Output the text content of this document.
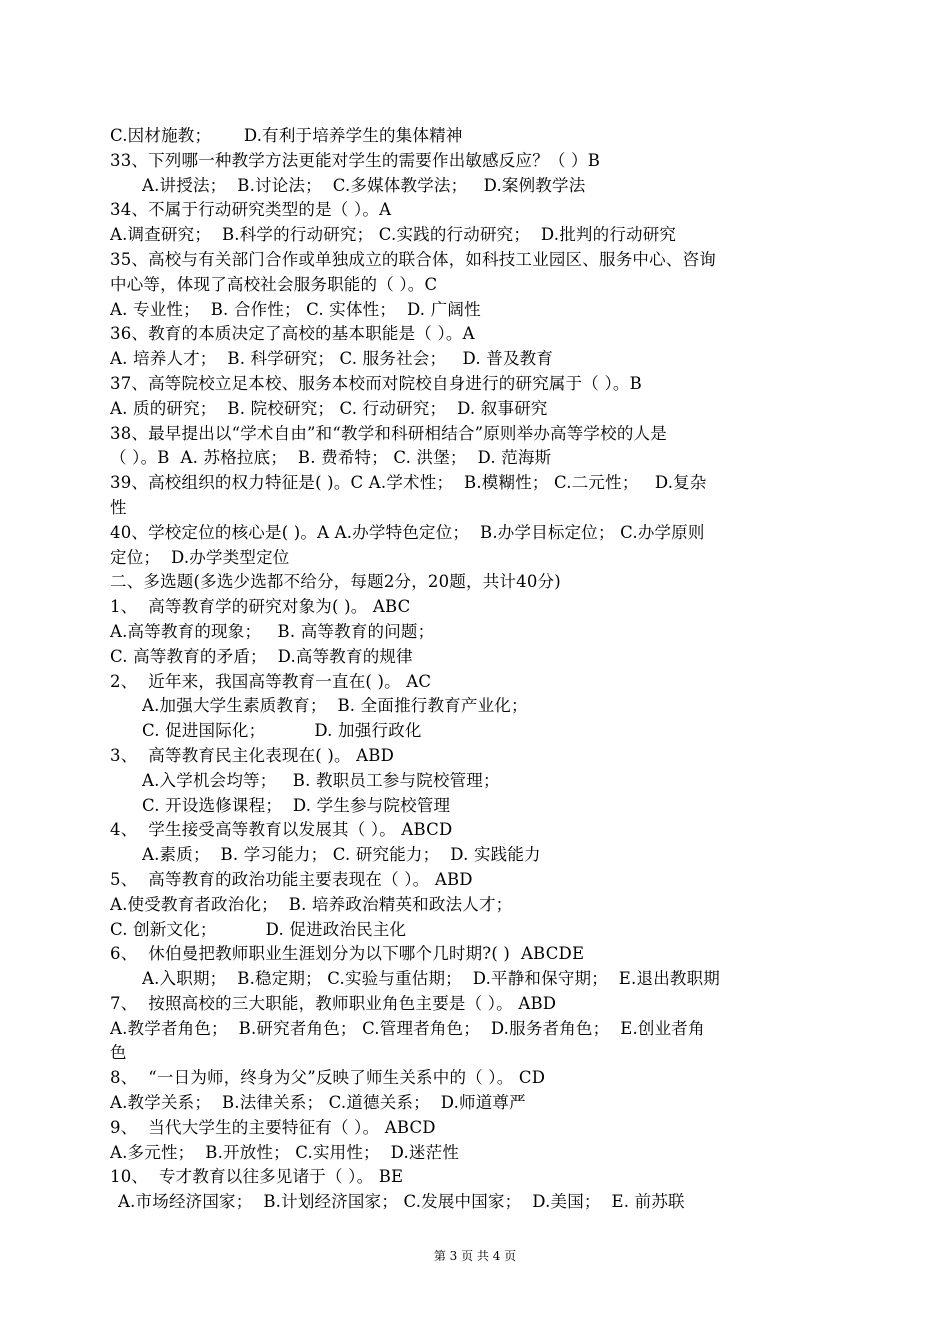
C.因材施教；      D.有利于培养学生的集体精神
33、下列哪一种教学方法更能对学生的需要作出敏感反应？（ ）B
A.讲授法；  B.讨论法；  C.多媒体教学法；   D.案例教学法
34、不属于行动研究类型的是（ ）。A
A.调查研究；  B.科学的行动研究； C.实践的行动研究；  D.批判的行动研究
35、高校与有关部门合作或单独成立的联合体，如科技工业园区、服务中心、咨询
中心等，体现了高校社会服务职能的（ ）。C
A. 专业性；  B. 合作性； C. 实体性；  D. 广阔性
36、教育的本质决定了高校的基本职能是（ ）。A
A. 培养人才；  B. 科学研究； C. 服务社会；   D. 普及教育
37、高等院校立足本校、服务本校而对院校自身进行的研究属于（ ）。B
A. 质的研究；  B. 院校研究； C. 行动研究；  D. 叙事研究
38、最早提出以“学术自由”和“教学和科研相结合”原则举办高等学校的人是
（ ）。B  A. 苏格拉底；  B. 费希特； C. 洪堡；  D. 范海斯
39、高校组织的权力特征是( )。C A.学术性；  B.模糊性； C.二元性；   D.复杂
性
40、学校定位的核心是( )。A A.办学特色定位；  B.办学目标定位； C.办学原则
定位；  D.办学类型定位
二、多选题(多选少选都不给分，每题2分，20题，共计40分)
1、  高等教育学的研究对象为( )。 ABC
A.高等教育的现象；   B. 高等教育的问题；
C. 高等教育的矛盾；  D.高等教育的规律
2、  近年来，我国高等教育一直在( )。 AC
A.加强大学生素质教育；  B. 全面推行教育产业化；
C. 促进国际化；         D. 加强行政化
3、  高等教育民主化表现在( )。 ABD
A.入学机会均等；   B. 教职员工参与院校管理；
C. 开设选修课程；  D. 学生参与院校管理
4、  学生接受高等教育以发展其（ ）。 ABCD
A.素质；  B. 学习能力； C. 研究能力；  D. 实践能力
5、  高等教育的政治功能主要表现在（ ）。 ABD
A.使受教育者政治化；  B. 培养政治精英和政法人才；
C. 创新文化；         D. 促进政治民主化
6、  休伯曼把教师职业生涯划分为以下哪个几时期?( )  ABCDE
A.入职期；  B.稳定期； C.实验与重估期；  D.平静和保守期；  E.退出教职期
7、  按照高校的三大职能，教师职业角色主要是（ ）。 ABD
A.教学者角色；  B.研究者角色； C.管理者角色；  D.服务者角色；  E.创业者角
色
8、  “一日为师，终身为父”反映了师生关系中的（ ）。 CD
A.教学关系；  B.法律关系； C.道德关系；  D.师道尊严
9、  当代大学生的主要特征有（ ）。 ABCD
A.多元性；  B.开放性； C.实用性；  D.迷茫性
10、  专才教育以往多见诸于（ ）。 BE
A.市场经济国家；  B.计划经济国家； C.发展中国家；  D.美国；  E. 前苏联
第 3 页 共 4 页
